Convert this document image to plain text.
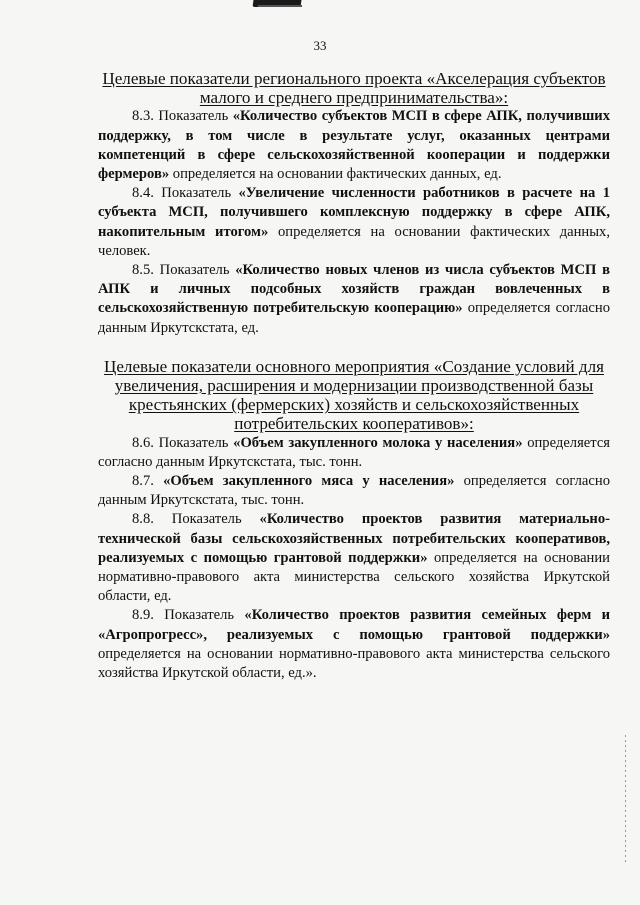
33
Целевые показатели регионального проекта «Акселерация субъектов малого и среднего предпринимательства»:

8.3. Показатель «Количество субъектов МСП в сфере АПК, получивших поддержку, в том числе в результате услуг, оказанных центрами компетенций в сфере сельскохозяйственной кооперации и поддержки фермеров» определяется на основании фактических данных, ед.

8.4. Показатель «Увеличение численности работников в расчете на 1 субъекта МСП, получившего комплексную поддержку в сфере АПК, накопительным итогом» определяется на основании фактических данных, человек.

8.5. Показатель «Количество новых членов из числа субъектов МСП в АПК и личных подсобных хозяйств граждан вовлеченных в сельскохозяйственную потребительскую кооперацию» определяется согласно данным Иркутскстата, ед.

Целевые показатели основного мероприятия «Создание условий для увеличения, расширения и модернизации производственной базы крестьянских (фермерских) хозяйств и сельскохозяйственных потребительских кооперативов»:

8.6. Показатель «Объем закупленного молока у населения» определяется согласно данным Иркутскстата, тыс. тонн.

8.7. «Объем закупленного мяса у населения» определяется согласно данным Иркутскстата, тыс. тонн.

8.8. Показатель «Количество проектов развития материально-технической базы сельскохозяйственных потребительских кооперативов, реализуемых с помощью грантовой поддержки» определяется на основании нормативно-правового акта министерства сельского хозяйства Иркутской области, ед.

8.9. Показатель «Количество проектов развития семейных ферм и «Агропрогресс», реализуемых с помощью грантовой поддержки» определяется на основании нормативно-правового акта министерства сельского хозяйства Иркутской области, ед.».
